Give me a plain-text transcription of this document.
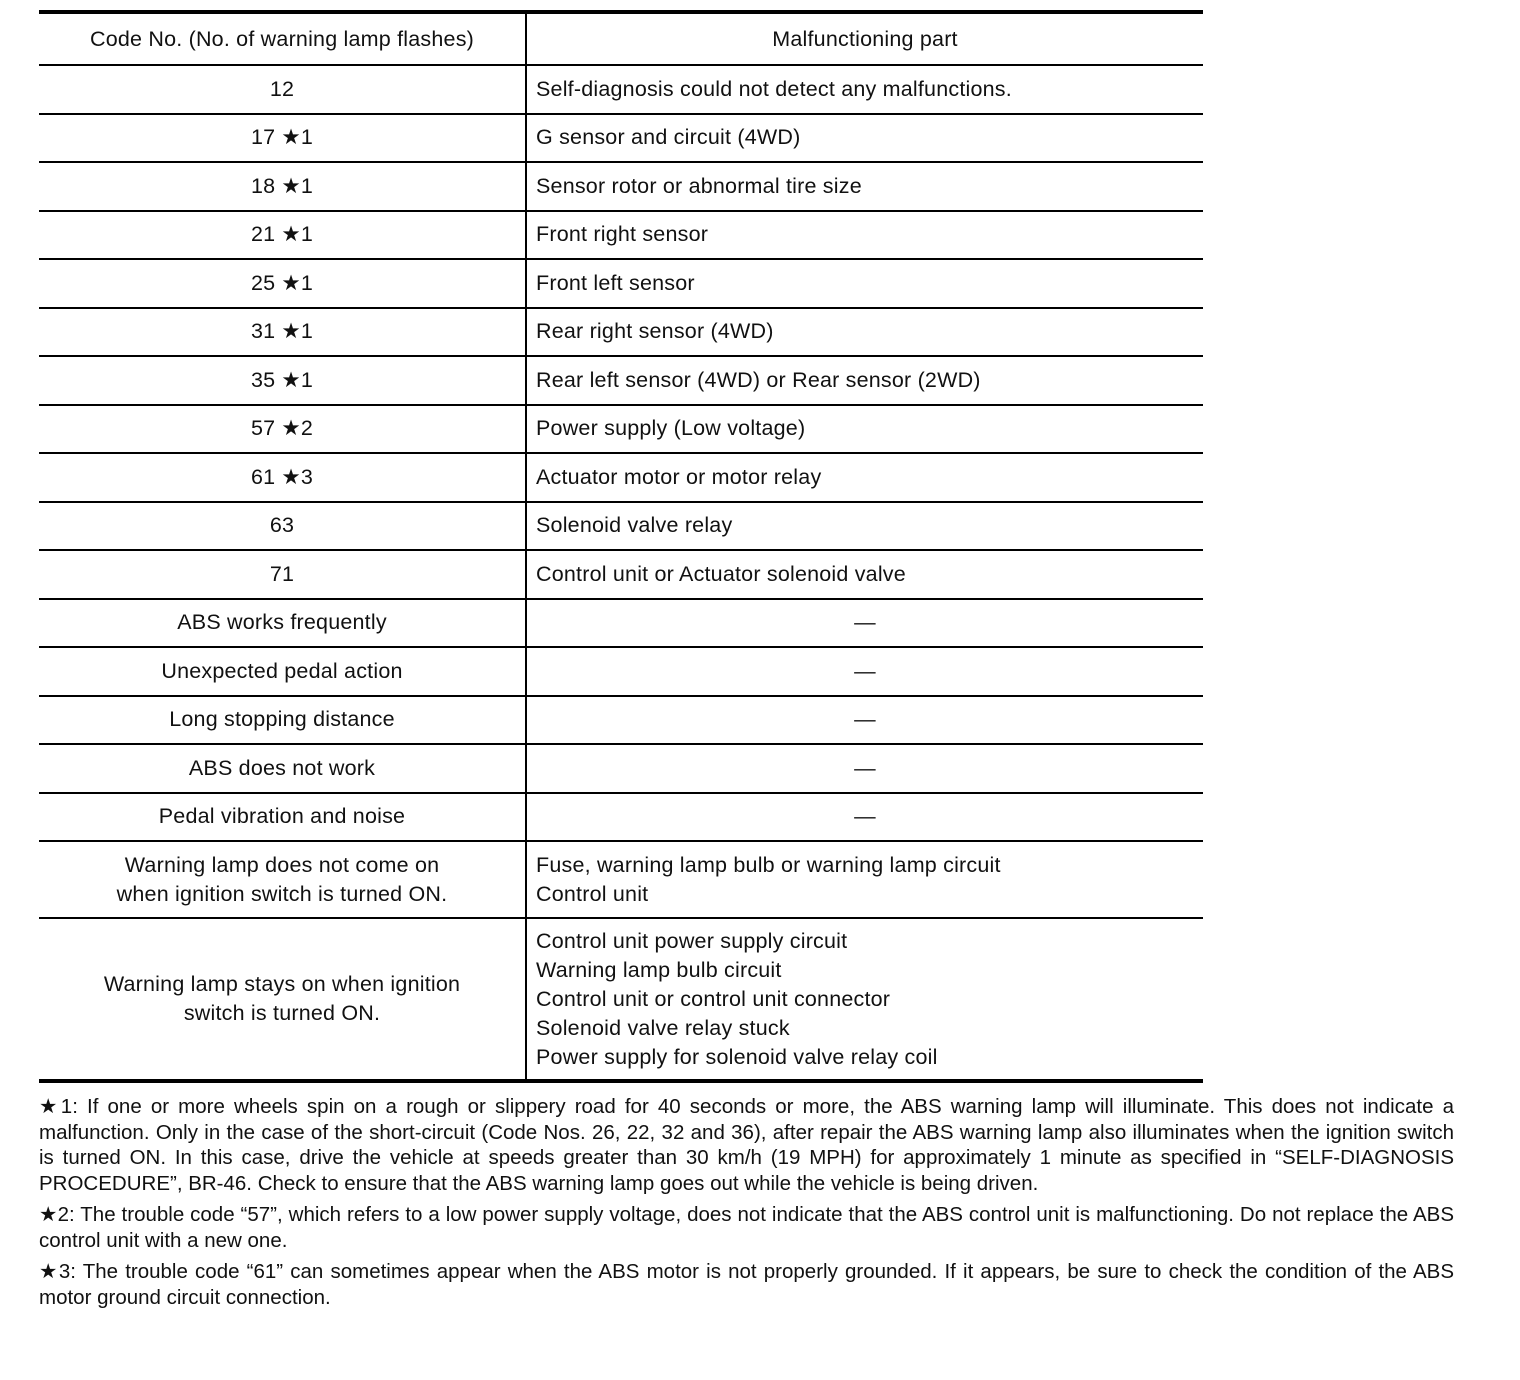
Code No. (No. of warning lamp flashes)	Malfunctioning part
12	Self-diagnosis could not detect any malfunctions.

17 ★1	G sensor and circuit (4WD)

18 ★1	Sensor rotor or abnormal tire size

21 ★1	Front right sensor

25 ★1	Front left sensor

31 ★1	Rear right sensor (4WD)

35 ★1	Rear left sensor (4WD) or Rear sensor (2WD)

57 ★2	Power supply (Low voltage)

61 ★3	Actuator motor or motor relay

63	Solenoid valve relay

71	Control unit or Actuator solenoid valve

ABS works frequently	—

Unexpected pedal action	—

Long stopping distance	—

ABS does not work	—

Pedal vibration and noise	—

Warning lamp does not come on
when ignition switch is turned ON.	Fuse, warning lamp bulb or warning lamp circuit
Control unit

Warning lamp stays on when ignition
switch is turned ON.	Control unit power supply circuit
Warning lamp bulb circuit
Control unit or control unit connector
Solenoid valve relay stuck
Power supply for solenoid valve relay coil

★1: If one or more wheels spin on a rough or slippery road for 40 seconds or more, the ABS warning lamp will illuminate. This does not indicate a malfunction. Only in the case of the short-circuit (Code Nos. 26, 22, 32 and 36), after repair the ABS warning lamp also illuminates when the ignition switch is turned ON. In this case, drive the vehicle at speeds greater than 30 km/h (19 MPH) for approximately 1 minute as specified in “SELF-DIAGNOSIS PROCEDURE”, BR-46. Check to ensure that the ABS warning lamp goes out while the vehicle is being driven.

★2: The trouble code “57”, which refers to a low power supply voltage, does not indicate that the ABS control unit is malfunctioning. Do not replace the ABS control unit with a new one.

★3: The trouble code “61” can sometimes appear when the ABS motor is not properly grounded. If it appears, be sure to check the condition of the ABS motor ground circuit connection.
